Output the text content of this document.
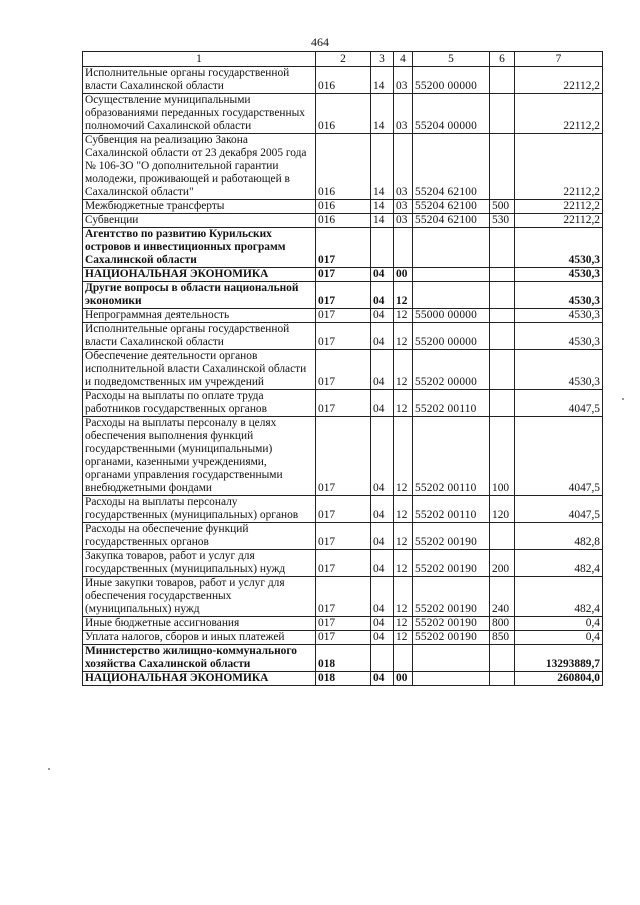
464
1	2	3	4	5	6	7
Исполнительные органы государственной власти Сахалинской области	016	14	03	55200 00000		22112,2
Осуществление муниципальными образованиями переданных государственных полномочий Сахалинской области	016	14	03	55204 00000		22112,2
Субвенция на реализацию Закона Сахалинской области от 23 декабря 2005 года № 106-ЗО "О дополнительной гарантии молодежи, проживающей и работающей в Сахалинской области"	016	14	03	55204 62100		22112,2
Межбюджетные трансферты	016	14	03	55204 62100	500	22112,2
Субвенции	016	14	03	55204 62100	530	22112,2
Агентство по развитию Курильских островов и инвестиционных программ Сахалинской области	017					4530,3
НАЦИОНАЛЬНАЯ ЭКОНОМИКА	017	04	00			4530,3
Другие вопросы в области национальной экономики	017	04	12			4530,3
Непрограммная деятельность	017	04	12	55000 00000		4530,3
Исполнительные органы государственной власти Сахалинской области	017	04	12	55200 00000		4530,3
Обеспечение деятельности органов исполнительной власти Сахалинской области и подведомственных им учреждений	017	04	12	55202 00000		4530,3
Расходы на выплаты по оплате труда работников государственных органов	017	04	12	55202 00110		4047,5
Расходы на выплаты персоналу в целях обеспечения выполнения функций государственными (муниципальными) органами, казенными учреждениями, органами управления государственными внебюджетными фондами	017	04	12	55202 00110	100	4047,5
Расходы на выплаты персоналу государственных (муниципальных) органов	017	04	12	55202 00110	120	4047,5
Расходы на обеспечение функций государственных органов	017	04	12	55202 00190		482,8
Закупка товаров, работ и услуг для государственных (муниципальных) нужд	017	04	12	55202 00190	200	482,4
Иные закупки товаров, работ и услуг для обеспечения государственных (муниципальных) нужд	017	04	12	55202 00190	240	482,4
Иные бюджетные ассигнования	017	04	12	55202 00190	800	0,4
Уплата налогов, сборов и иных платежей	017	04	12	55202 00190	850	0,4
Министерство жилищно-коммунального хозяйства Сахалинской области	018					13293889,7
НАЦИОНАЛЬНАЯ ЭКОНОМИКА	018	04	00			260804,0
